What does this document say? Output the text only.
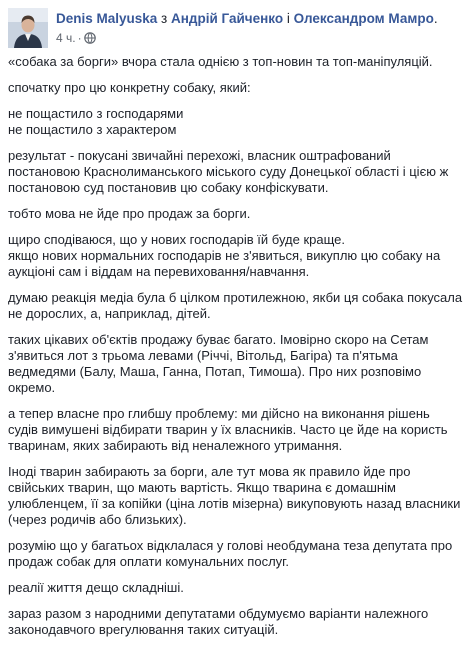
Denis Malyuska з Андрій Гайченко і Олександром Мамро.
4 ч. ·

«собака за борги» вчора стала однією з топ-новин та топ-маніпуляцій.

спочатку про цю конкретну собаку, який:

не пощастило з господарями
не пощастило з характером

результат - покусані звичайні перехожі, власник оштрафований
постановою Краснолиманського міського суду Донецької області і цією ж
постановою суд постановив цю собаку конфіскувати.

тобто мова не йде про продаж за борги.

щиро сподіваюся, що у нових господарів їй буде краще.
якщо нових нормальних господарів не з'явиться, викуплю цю собаку на
аукціоні сам і віддам на перевиховання/навчання.

думаю реакція медіа була б цілком протилежною, якби ця собака покусала
не дорослих, а, наприклад, дітей.

таких цікавих об'єктів продажу буває багато. Імовірно скоро на Сетам
з'явиться лот з трьома левами (Річчі, Вітольд, Багіра) та п'ятьма
ведмедями (Балу, Маша, Ганна, Потап, Тимоша). Про них розповімо
окремо.

а тепер власне про глибшу проблему: ми дійсно на виконання рішень
судів вимушені відбирати тварин у їх власників. Часто це йде на користь
тваринам, яких забирають від неналежного утримання.

Іноді тварин забирають за борги, але тут мова як правило йде про
свійських тварин, що мають вартість. Якщо тварина є домашнім
улюбленцем, її за копійки (ціна лотів мізерна) викуповують назад власники
(через родичів або близьких).

розумію що у багатьох відклалася у голові необдумана теза депутата про
продаж собак для оплати комунальних послуг.

реалії життя дещо складніші.

зараз разом з народними депутатами обдумуємо варіанти належного
законодавчого врегулювання таких ситуацій.
